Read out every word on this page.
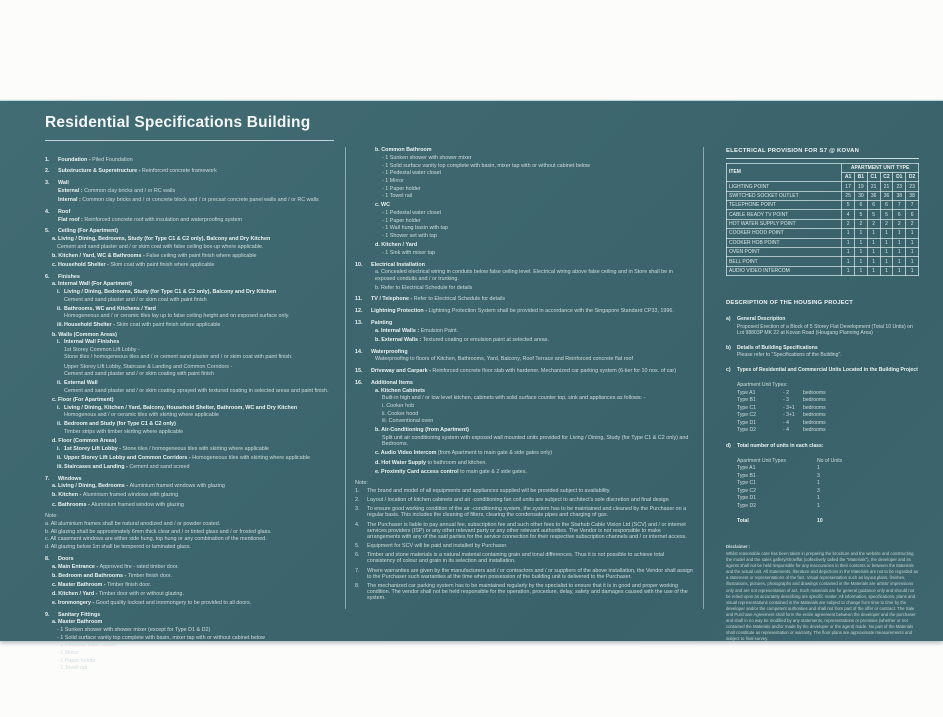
Residential Specifications Building
1. Foundation - Piled Foundation
2. Substructure & Superstructure - Reinforced concrete framework
3. Wall
External : Common clay bricks and / or RC walls
Internal : Common clay bricks and / or concrete block and / or precast concrete panel walls and / or RC walls
4. Roof
Flat roof : Reinforced concrete roof with insulation and waterproofing system
5. Ceiling (For Apartment)
a. Living / Dining, Bedrooms, Study (for Type C1 & C2 only), Balcony and Dry Kitchen
Cement and sand plaster and / or skim coat with false ceiling box-up where applicable.
b. Kitchen / Yard, WC & Bathrooms - False ceiling with paint finish where applicable
c. Household Shelter - Skim coat with paint finish where applicable
6. Finishes
a. Internal Wall (For Apartment)
i. Living / Dining, Bedrooms, Study (for Type C1 & C2 only), Balcony and Dry Kitchen
Cement and sand plaster and / or skim coat with paint finish
ii. Bathrooms, WC and Kitchens / Yard
Homogeneous and / or ceramic tiles lay up to false ceiling height and on exposed surface only.
iii. Household Shelter - Skim coat with paint finish where applicable
b. Walls (Common Areas)
i. Internal Wall Finishes
1st Storey Common Lift Lobby -
Stone tiles / homogeneous tiles and / or cement sand plaster and / or skim coat with paint finish.
Upper Storey Lift Lobby, Staircase & Landing and Common Corridors -
Cement and sand plaster and / or skim coating with paint finish
ii. External Wall
Cement and sand plaster and / or skim coating sprayed with textured coating in selected areas and paint finish.
c. Floor (For Apartment)
i. Living / Dining, Kitchen / Yard, Balcony, Household Shelter, Bathroom, WC and Dry Kitchen
Homogenous and / or ceramic tiles with skirting where applicable
ii. Bedroom and Study (for Type C1 & C2 only)
Timber strips with timber skirting where applicable
d. Floor (Common Areas)
i. 1st Storey Lift Lobby - Stone tiles / homogeneous tiles with skirting where applicable
ii. Upper Storey Lift Lobby and Common Corridors - Homogeneous tiles with skirting where applicable
iii. Staircases and Landing - Cement and sand screed
7. Windows
a. Living / Dining, Bedrooms - Aluminium framed windows with glazing
b. Kitchen - Aluminium framed windows with glazing
c. Bathrooms - Aluminium framed window with glazing
Note:
a. All aluminium frames shall be natural anodized and / or powder coated.
b. All glazing shall be approximately 6mm thick clear and / or tinted glass and / or frosted glass.
c. All casement windows are either side hung, top hung or any combination of the mentioned.
d. All glazing below 1m shall be tempered or laminated glass.
8. Doors
a. Main Entrance - Approved fire - rated timber door.
b. Bedroom and Bathrooms - Timber finish door.
c. Master Bathroom - Timber finish door.
d. Kitchen / Yard - Timber door with or without glazing.
e. Ironmongery - Good quality lockset and ironmongery to be provided to all doors.
9. Sanitary Fittings
a. Master Bathroom
- 1 Sunken shower with shower mixer (except for Type D1 & D2)
- 1 Solid surface vanity top complete with basin, mixer tap with or without cabinet below
- 1 Pedestal water closet
- 1 Mirror
- 1 Paper holder
- 1 Towel rail
b. Common Bathroom
- 1 Sunken shower with shower mixer
- 1 Solid surface vanity top complete with basin, mixer tap with or without cabinet below
- 1 Pedestal water closet
- 1 Mirror
- 1 Paper holder
- 1 Towel rail
c. WC
- 1 Pedestal water closet
- 1 Paper holder
- 1 Wall hung basin with tap
- 1 Shower set with tap
d. Kitchen / Yard
- 1 Sink with mixer tap
10. Electrical Installation
a. Concealed electrical wiring in conduits below false ceiling level. Electrical wiring above false ceiling and in Store shall be in exposed conduits and / or trunking.
b. Refer to Electrical Schedule for details
11. TV / Telephone - Refer to Electrical Schedule for details
12. Lightning Protection - Lightning Protection System shall be provided in accordance with the Singapore Standard CP33, 1996.
13. Painting
a. Internal Walls : Emulsion Paint.
b. External Walls : Textured coating or emulsion paint at selected areas.
14. Waterproofing
Waterproofing to floors of Kitchen, Bathrooms, Yard, Balcony, Roof Terrace and Reinforced concrete flat roof
15. Driveway and Carpark - Reinforced concrete floor slab with hardener. Mechanized car parking system (6-tier for 10 nos. of car)
16. Additional Items
a. Kitchen Cabinets
Built-in high and / or low level kitchen, cabinets with solid surface counter top, sink and appliances as follows: -
i. Cooker hob
ii. Cooker hood
iii. Conventional oven
b. Air-Conditioning (from Apartment)
Split unit air conditioning system with exposed wall mounted units provided for Living / Dining, Study (for Type C1 & C2 only) and Bedrooms.
c. Audio Video Intercom (from Apartment to main gate & side gates only)
d. Hot Water Supply to bathroom and kitchen.
e. Proximity Card access control to main gate & 2 side gates.
Note:
1. The brand and model of all equipments and appliances supplied will be provided subject to availability.
2. Layout / location of kitchen cabinets and air -conditioning fan coil units are subject to architect's sole discretion and final design
3. To ensure good working condition of the air -conditioning system, the system has to be maintained and cleaned by the Purchaser on a regular basis. This includes the cleaning of filters, clearing the condensate pipes and charging of gas.
4. The Purchaser is liable to pay annual fee, subscription fee and such other fees to the Starhub Cable Vision Ltd (SCV) and / or internet services providers (ISP) or any other relevant party or any other relevant authorities. The Vendor is not responsible to make arrangements with any of the said parties for the service connection for their respective subscription channels and / or internet access.
5. Equipment for SCV will be paid and installed by Purchaser.
6. Timber and stone materials is a natural material containing grain and tonal differences. Thus it is not possible to achieve total consistency of colour and grain in its selection and installation.
7. Where warranties are given by the manufacturers and / or contractors and / or suppliers of the above installation, the Vendor shall assign to the Purchaser such warranties at the time when possession of the building unit is delivered to the Purchaser.
8. The mechanized car parking system has to be maintained regularly by the specialist to ensure that it is in good and proper working condition. The vendor shall not be held responsible for the operation, procedure, delay, safety and damages caused with the use of the system.
ELECTRICAL PROVISION FOR S7 @ KOVAN
ITEM	APARTMENT UNIT TYPE					
	A1	B1	C1	C2	D1	D2
LIGHTING POINT	17	19	21	21	23	23
SWITCHED SOCKET OUTLET	25	30	36	36	38	38
TELEPHONE POINT	5	6	6	6	7	7
CABLE READY TV POINT	4	5	5	5	6	6
HOT WATER SUPPLY POINT	2	2	2	2	2	2
COOKER HOOD POINT	1	1	1	1	1	1
COOKER HOB POINT	1	1	1	1	1	1
OVEN POINT	1	1	1	1	1	1
BELL POINT	1	1	1	1	1	1
AUDIO VIDEO INTERCOM	1	1	1	1	1	1
DESCRIPTION OF THE HOUSING PROJECT
a) General Description
Proposed Erection of a Block of 5 Storey Flat Development (Total 10 Units) on Lot 98803P MK 22 at Kovan Road (Hougang Planning Area)
b) Details of Building Specifications
Please refer to "Specifications of the Building".
c) Types of Residential and Commercial Units Located in the Building Project
Apartment Unit Types:
Type A1	- 2	bedrooms
Type B1	- 3	bedrooms
Type C1	- 3+1 bedrooms
Type C2	- 3+1 bedrooms
Type D1	- 4	bedrooms
Type D2	- 4	bedrooms
d) Total number of units in each class:
Apartment Unit Types	No of Units
Type A1	1
Type B1	3
Type C1	1
Type C2	3
Type D1	1
Type D2	1
Total	10
Disclaimer :
Whilst reasonable care has been taken in preparing the brochure and the website and constructing the model and the sales gallery/showflat (collectively called the "Materials"), the developer and its agents shall not be held responsible for any inaccuracies in their contents or between the Materials and the actual unit. All statements, literature and depictions in the Materials are not to be regarded as a statement or representations of the fact. Visual representation such as layout plans, finishes, illustrations, pictures, photographs and drawings contained in the Materials are artists' impressions only and are not representation of act. Such materials are for general guidance only and should not be relied upon as accurately describing are specific matter. All information, specifications, plans and visual representations contained in the Materials are subject to change from time to time by the developer and/or the competent authorities and shall not from part of the offer or contract. The Sale and Purchase Agreement shall form the entire agreement between the developer and the purchaser and shall in no way be modified by any statements, representations or promises (whether or not contained the Materials and/or made by the developer or the agent) made. No part of the Materials shall constitute as representation or warranty. The floor plans are approximate measurements and subject to final survey.
